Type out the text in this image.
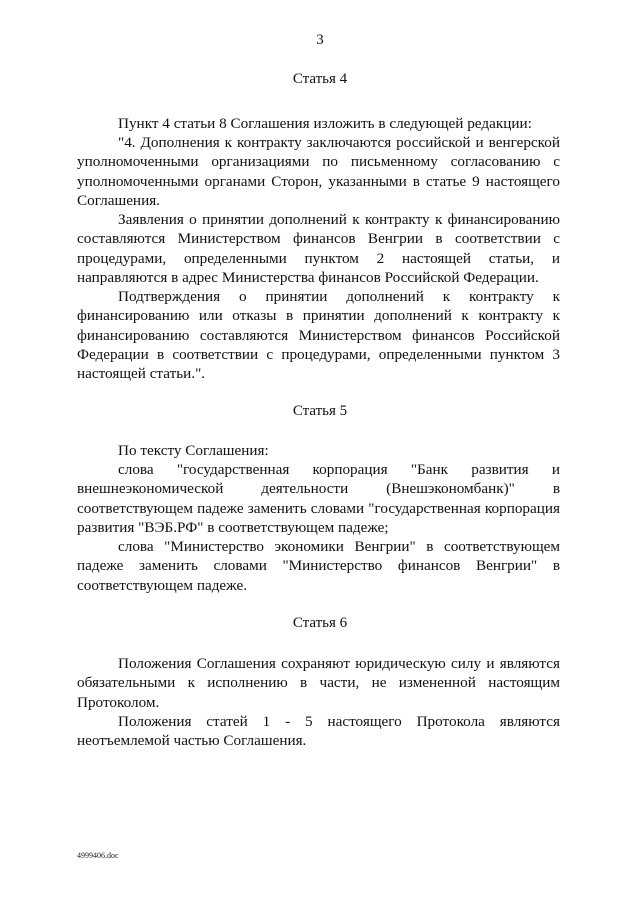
3
Статья 4

Пункт 4 статьи 8 Соглашения изложить в следующей редакции:

"4. Дополнения к контракту заключаются российской и венгерской уполномоченными организациями по письменному согласованию с уполномоченными органами Сторон, указанными в статье 9 настоящего Соглашения.

Заявления о принятии дополнений к контракту к финансированию составляются Министерством финансов Венгрии в соответствии с процедурами, определенными пунктом 2 настоящей статьи, и направляются в адрес Министерства финансов Российской Федерации.

Подтверждения о принятии дополнений к контракту к финансированию или отказы в принятии дополнений к контракту к финансированию составляются Министерством финансов Российской Федерации в соответствии с процедурами, определенными пунктом 3 настоящей статьи.".

Статья 5

По тексту Соглашения:

слова "государственная корпорация "Банк развития и внешнеэкономической деятельности (Внешэкономбанк)" в соответствующем падеже заменить словами "государственная корпорация развития "ВЭБ.РФ" в соответствующем падеже;

слова "Министерство экономики Венгрии" в соответствующем падеже заменить словами "Министерство финансов Венгрии" в соответствующем падеже.

Статья 6

Положения Соглашения сохраняют юридическую силу и являются обязательными к исполнению в части, не измененной настоящим Протоколом.

Положения статей 1 - 5 настоящего Протокола являются неотъемлемой частью Соглашения.

4999406.doc
